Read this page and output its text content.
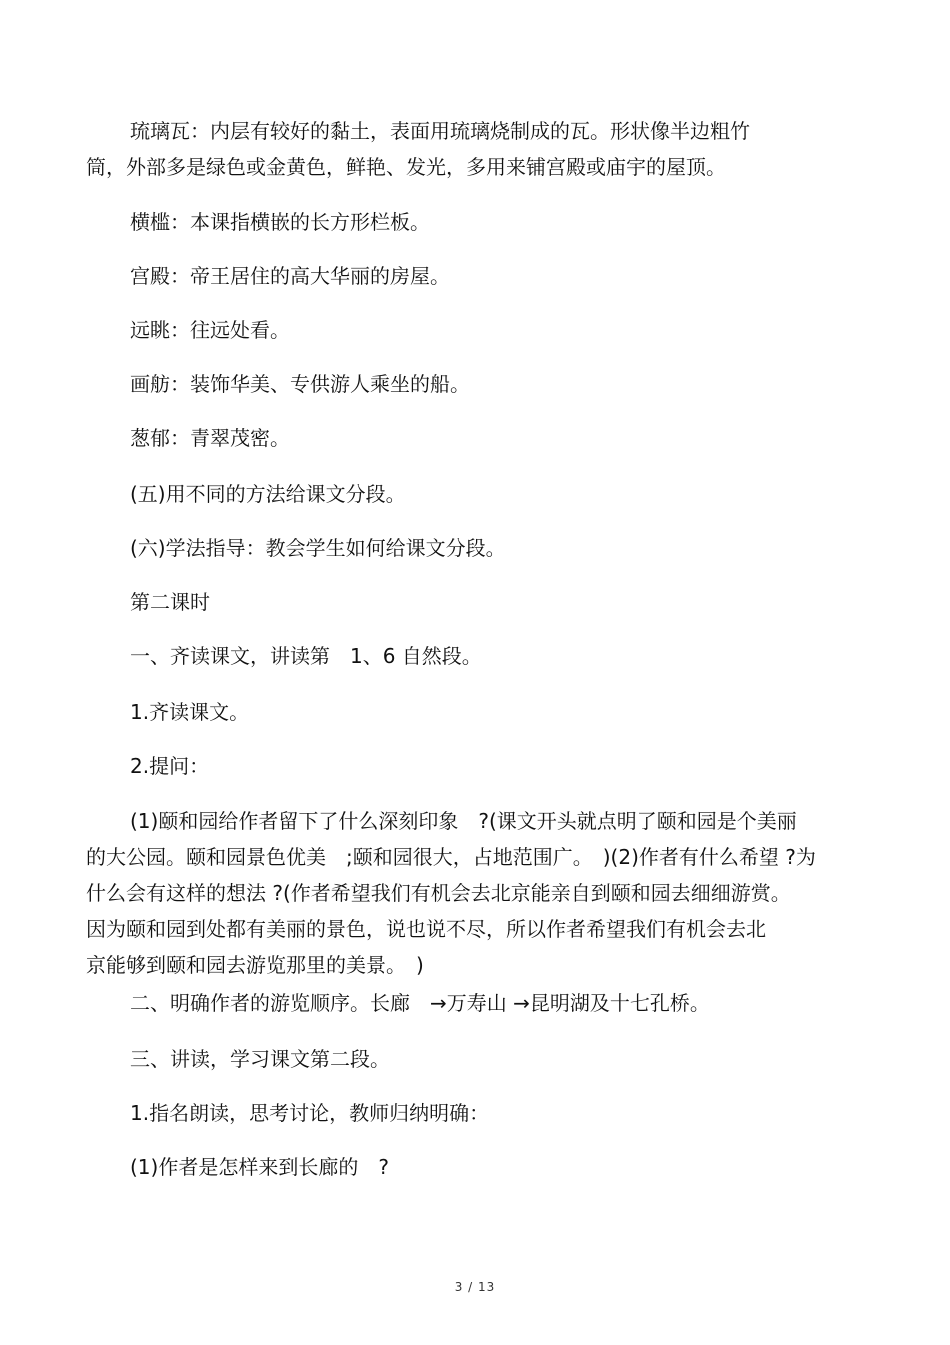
琉璃瓦：内层有较好的黏土，表面用琉璃烧制成的瓦。形状像半边粗竹
筒，外部多是绿色或金黄色，鲜艳、发光，多用来铺宫殿或庙宇的屋顶。

横槛：本课指横嵌的长方形栏板。

宫殿：帝王居住的高大华丽的房屋。

远眺：往远处看。

画舫：装饰华美、专供游人乘坐的船。

葱郁：青翠茂密。

(五)用不同的方法给课文分段。

(六)学法指导：教会学生如何给课文分段。

第二课时

一、齐读课文，讲读第　1、6 自然段。

1.齐读课文。

2.提问：

(1)颐和园给作者留下了什么深刻印象　?(课文开头就点明了颐和园是个美丽
的大公园。颐和园景色优美　;颐和园很大，占地范围广。　)(2)作者有什么希望 ?为
什么会有这样的想法 ?(作者希望我们有机会去北京能亲自到颐和园去细细游赏。
因为颐和园到处都有美丽的景色，说也说不尽，所以作者希望我们有机会去北
京能够到颐和园去游览那里的美景。　)

二、明确作者的游览顺序。长廊　→万寿山 →昆明湖及十七孔桥。

三、讲读，学习课文第二段。

1.指名朗读，思考讨论，教师归纳明确：

(1)作者是怎样来到长廊的　?

3 / 13
